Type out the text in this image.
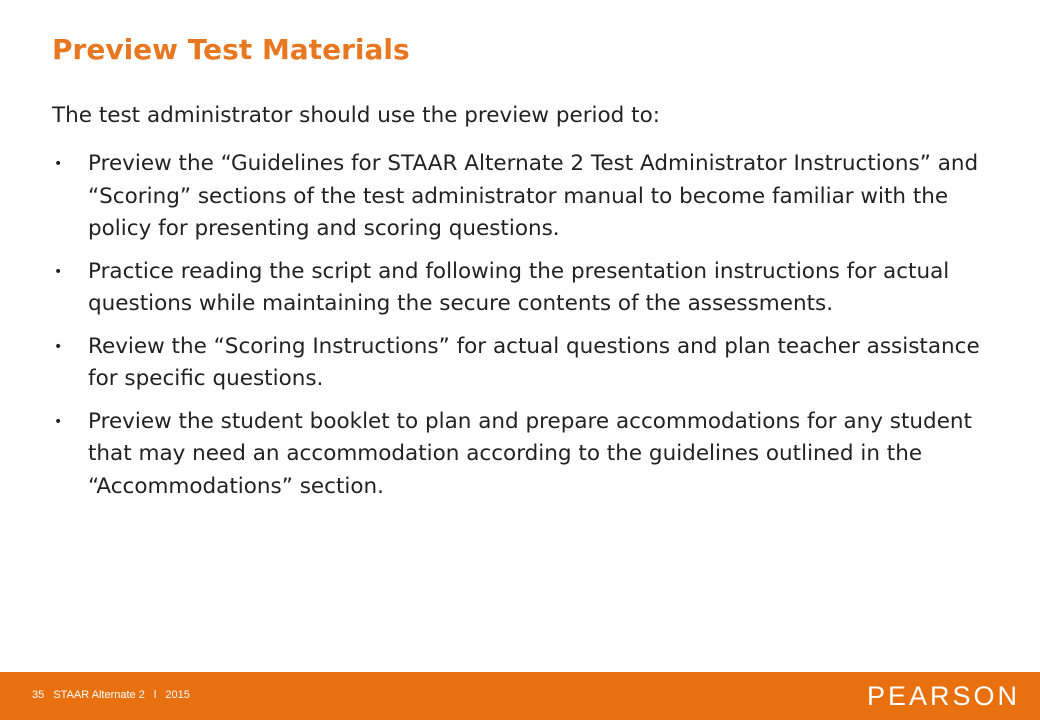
Preview Test Materials

The test administrator should use the preview period to:

• Preview the “Guidelines for STAAR Alternate 2 Test Administrator Instructions” and “Scoring” sections of the test administrator manual to become familiar with the policy for presenting and scoring questions.
• Practice reading the script and following the presentation instructions for actual questions while maintaining the secure contents of the assessments.
• Review the “Scoring Instructions” for actual questions and plan teacher assistance for specific questions.
• Preview the student booklet to plan and prepare accommodations for any student that may need an accommodation according to the guidelines outlined in the “Accommodations” section.
35 STAAR Alternate 2 l 2015	PEARSON
